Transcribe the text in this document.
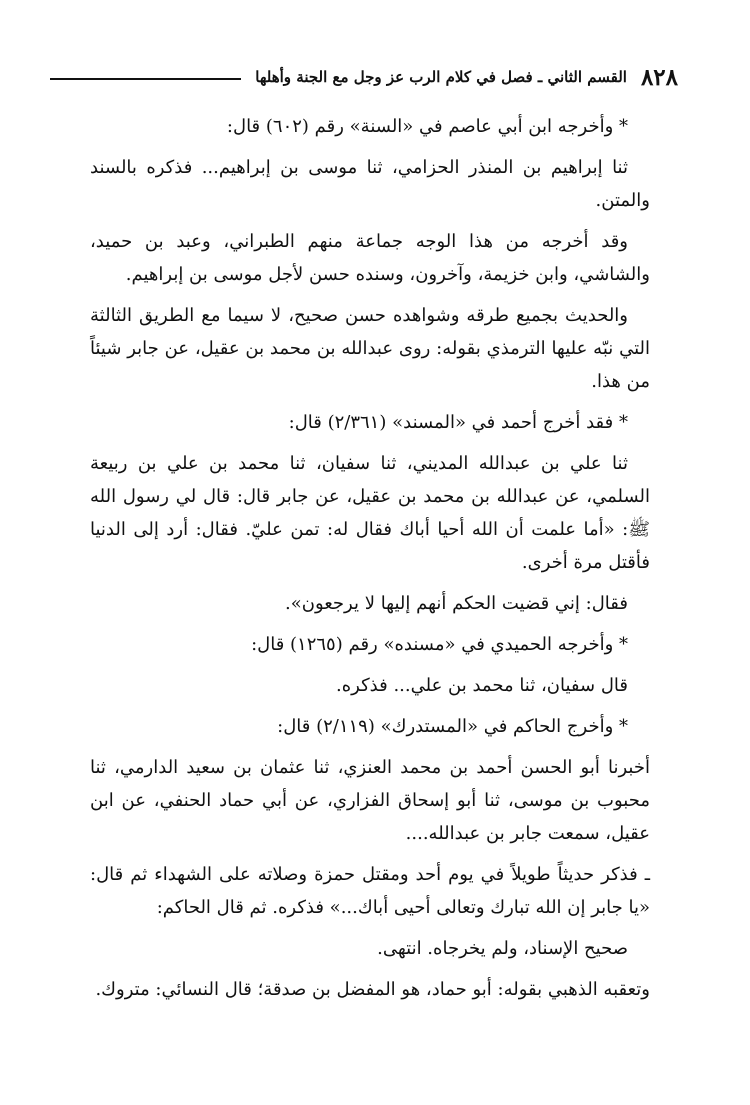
٨٢٨
القسم الثاني ـ فصل في كلام الرب عز وجل مع الجنة وأهلها

* وأخرجه ابن أبي عاصم في «السنة» رقم (٦٠٢) قال:

ثنا إبراهيم بن المنذر الحزامي، ثنا موسى بن إبراهيم... فذكره بالسند والمتن.

وقد أخرجه من هذا الوجه جماعة منهم الطبراني، وعبد بن حميد، والشاشي، وابن خزيمة، وآخرون، وسنده حسن لأجل موسى بن إبراهيم.

والحديث بجميع طرقه وشواهده حسن صحيح، لا سيما مع الطريق الثالثة التي نبّه عليها الترمذي بقوله: روى عبدالله بن محمد بن عقيل، عن جابر شيئاً من هذا.

* فقد أخرج أحمد في «المسند» (٢/٣٦١) قال:

ثنا علي بن عبدالله المديني، ثنا سفيان، ثنا محمد بن علي بن ربيعة السلمي، عن عبدالله بن محمد بن عقيل، عن جابر قال: قال لي رسول الله ﷺ: «أما علمت أن الله أحيا أباك فقال له: تمن عليّ. فقال: أرد إلى الدنيا فأقتل مرة أخرى.

فقال: إني قضيت الحكم أنهم إليها لا يرجعون».

* وأخرجه الحميدي في «مسنده» رقم (١٢٦٥) قال:

قال سفيان، ثنا محمد بن علي... فذكره.

* وأخرج الحاكم في «المستدرك» (٢/١١٩) قال:

أخبرنا أبو الحسن أحمد بن محمد العنزي، ثنا عثمان بن سعيد الدارمي، ثنا محبوب بن موسى، ثنا أبو إسحاق الفزاري، عن أبي حماد الحنفي، عن ابن عقيل، سمعت جابر بن عبدالله....

ـ فذكر حديثاً طويلاً في يوم أحد ومقتل حمزة وصلاته على الشهداء ثم قال: «يا جابر إن الله تبارك وتعالى أحيى أباك...» فذكره. ثم قال الحاكم:

صحيح الإسناد، ولم يخرجاه. انتهى.

وتعقبه الذهبي بقوله: أبو حماد، هو المفضل بن صدقة؛ قال النسائي: متروك.
